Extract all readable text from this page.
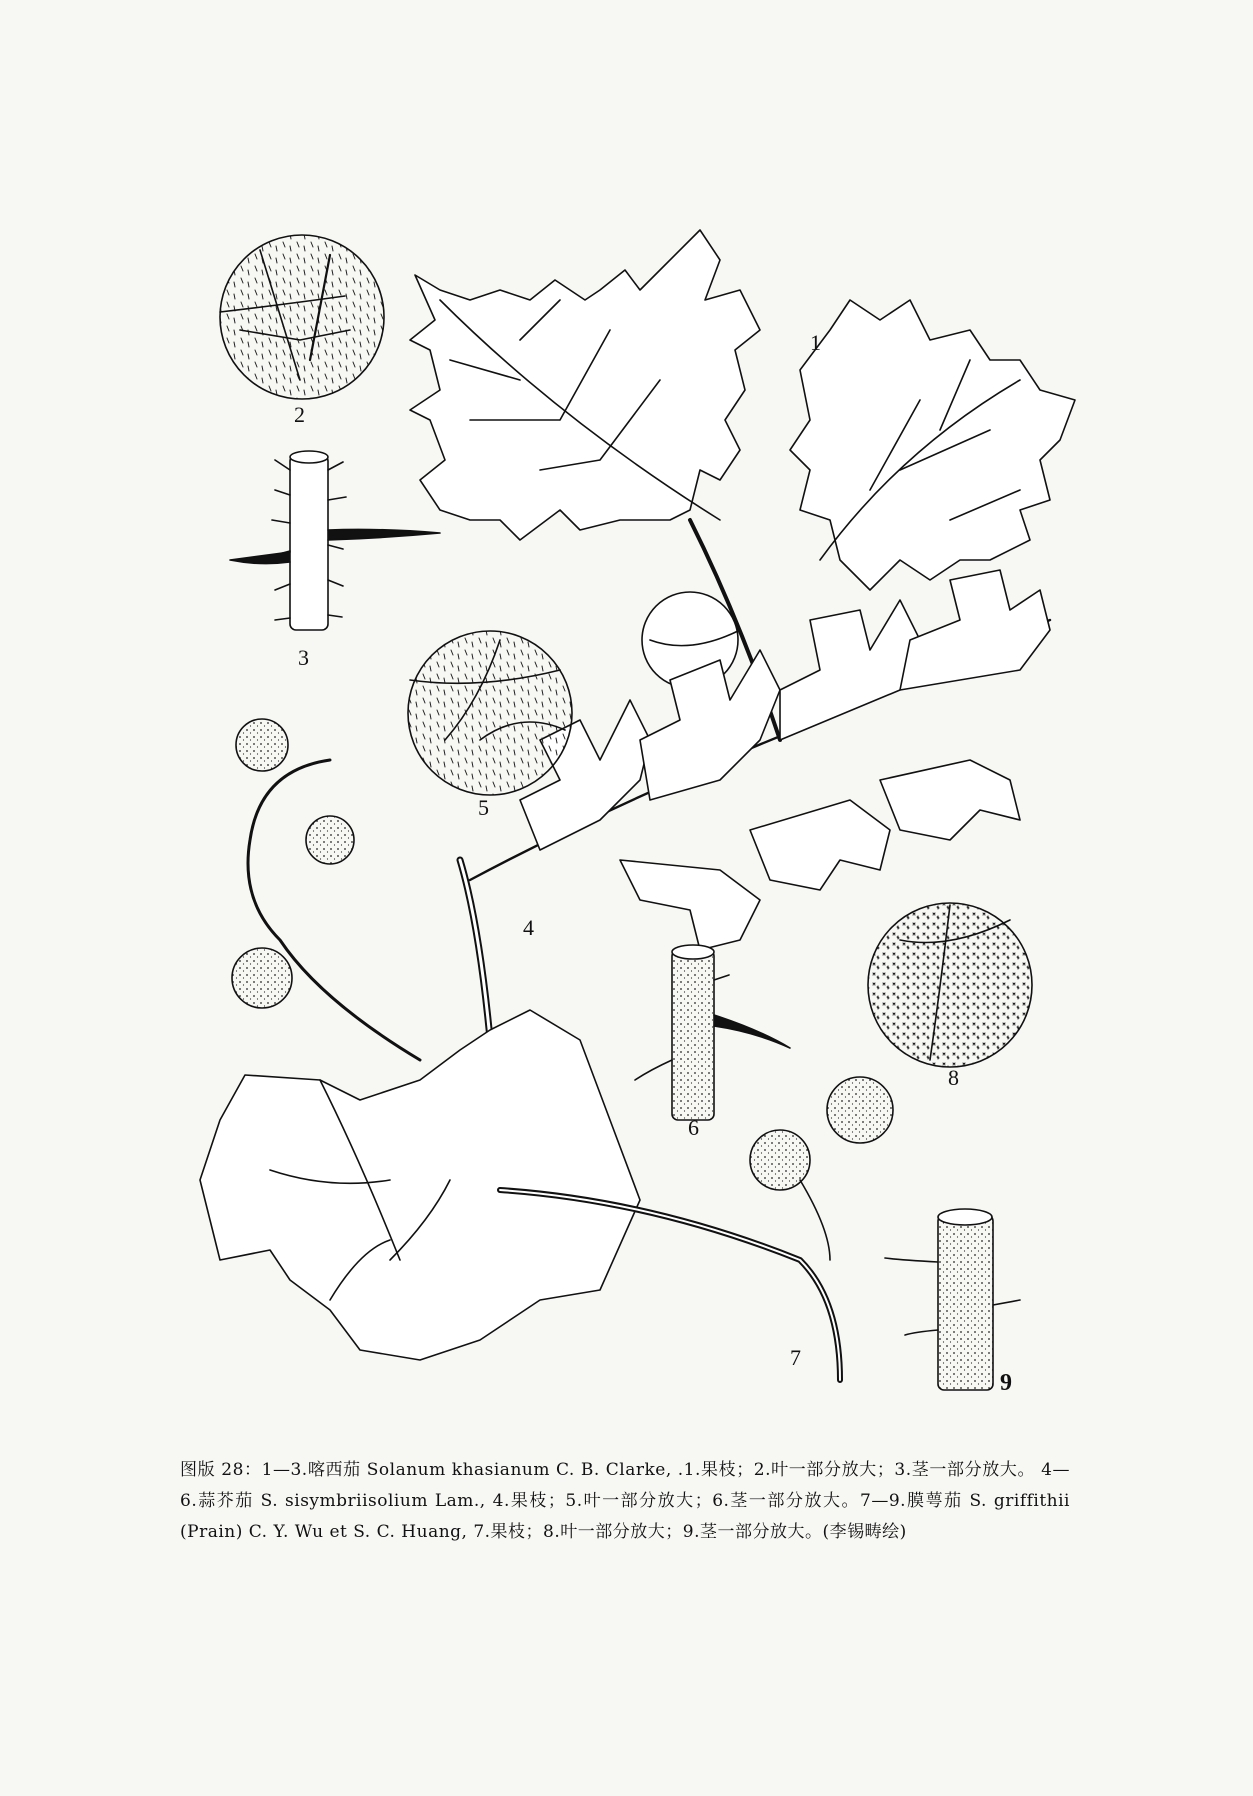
1
2
3
4
5
6
7
8
9
图版 28：1—3.喀西茄 Solanum khasianum C. B. Clarke, .1.果枝；2.叶一部分放大；3.茎一部分放大。 4—6.蒜芥茄 S. sisymbriisolium Lam., 4.果枝；5.叶一部分放大；6.茎一部分放大。7—9.膜萼茄 S. griffithii (Prain) C. Y. Wu et S. C. Huang, 7.果枝；8.叶一部分放大；9.茎一部分放大。(李锡畴绘)
